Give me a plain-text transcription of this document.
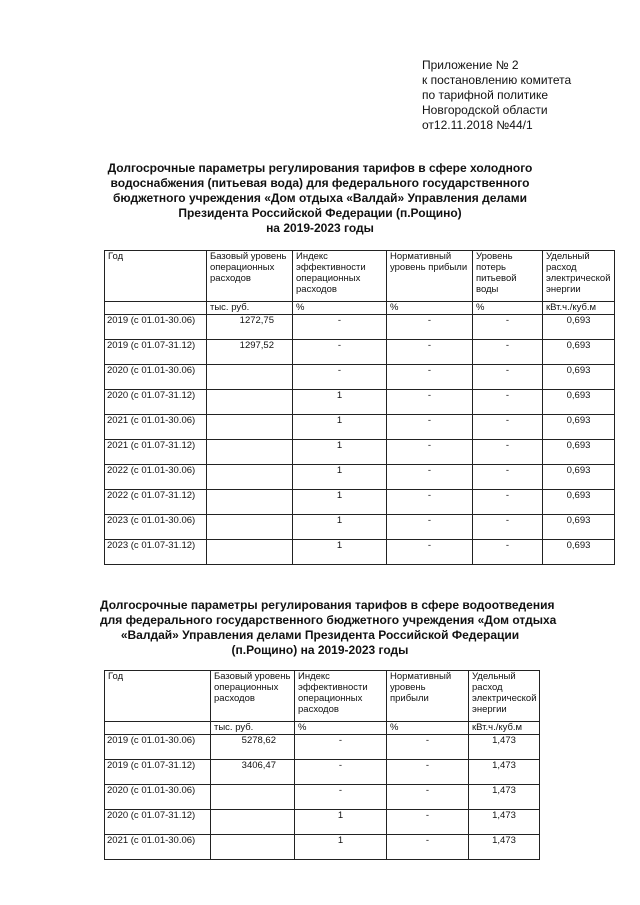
Приложение № 2
к постановлению комитета
по тарифной политике
Новгородской области
от12.11.2018 №44/1
Долгосрочные параметры регулирования тарифов в сфере холодного
водоснабжения (питьевая вода) для федерального государственного
бюджетного учреждения «Дом отдыха «Валдай» Управления делами
Президента Российской Федерации (п.Рощино)
на 2019-2023 годы
Год	Базовый уровень операционных расходов	Индекс эффективности операционных расходов	Нормативный уровень прибыли	Уровень потерь питьевой воды	Удельный расход электрической энергии
	тыс. руб.	%	%	%	кВт.ч./куб.м
2019 (с 01.01-30.06)	1272,75	-	-	-	0,693
2019 (с 01.07-31.12)	1297,52	-	-	-	0,693
2020 (с 01.01-30.06)		-	-	-	0,693
2020 (с 01.07-31.12)		1	-	-	0,693
2021 (с 01.01-30.06)		1	-	-	0,693
2021 (с 01.07-31.12)		1	-	-	0,693
2022 (с 01.01-30.06)		1	-	-	0,693
2022 (с 01.07-31.12)		1	-	-	0,693
2023 (с 01.01-30.06)		1	-	-	0,693
2023 (с 01.07-31.12)		1	-	-	0,693
Долгосрочные параметры регулирования тарифов в сфере водоотведения
для федерального государственного бюджетного учреждения «Дом отдыха
«Валдай» Управления делами Президента Российской Федерации
(п.Рощино) на 2019-2023 годы
Год	Базовый уровень операционных расходов	Индекс эффективности операционных расходов	Нормативный уровень прибыли	Удельный расход электрической энергии
	тыс. руб.	%	%	кВт.ч./куб.м
2019 (с 01.01-30.06)	5278,62	-	-	1,473
2019 (с 01.07-31.12)	3406,47	-	-	1,473
2020 (с 01.01-30.06)		-	-	1,473
2020 (с 01.07-31.12)		1	-	1,473
2021 (с 01.01-30.06)		1	-	1,473
